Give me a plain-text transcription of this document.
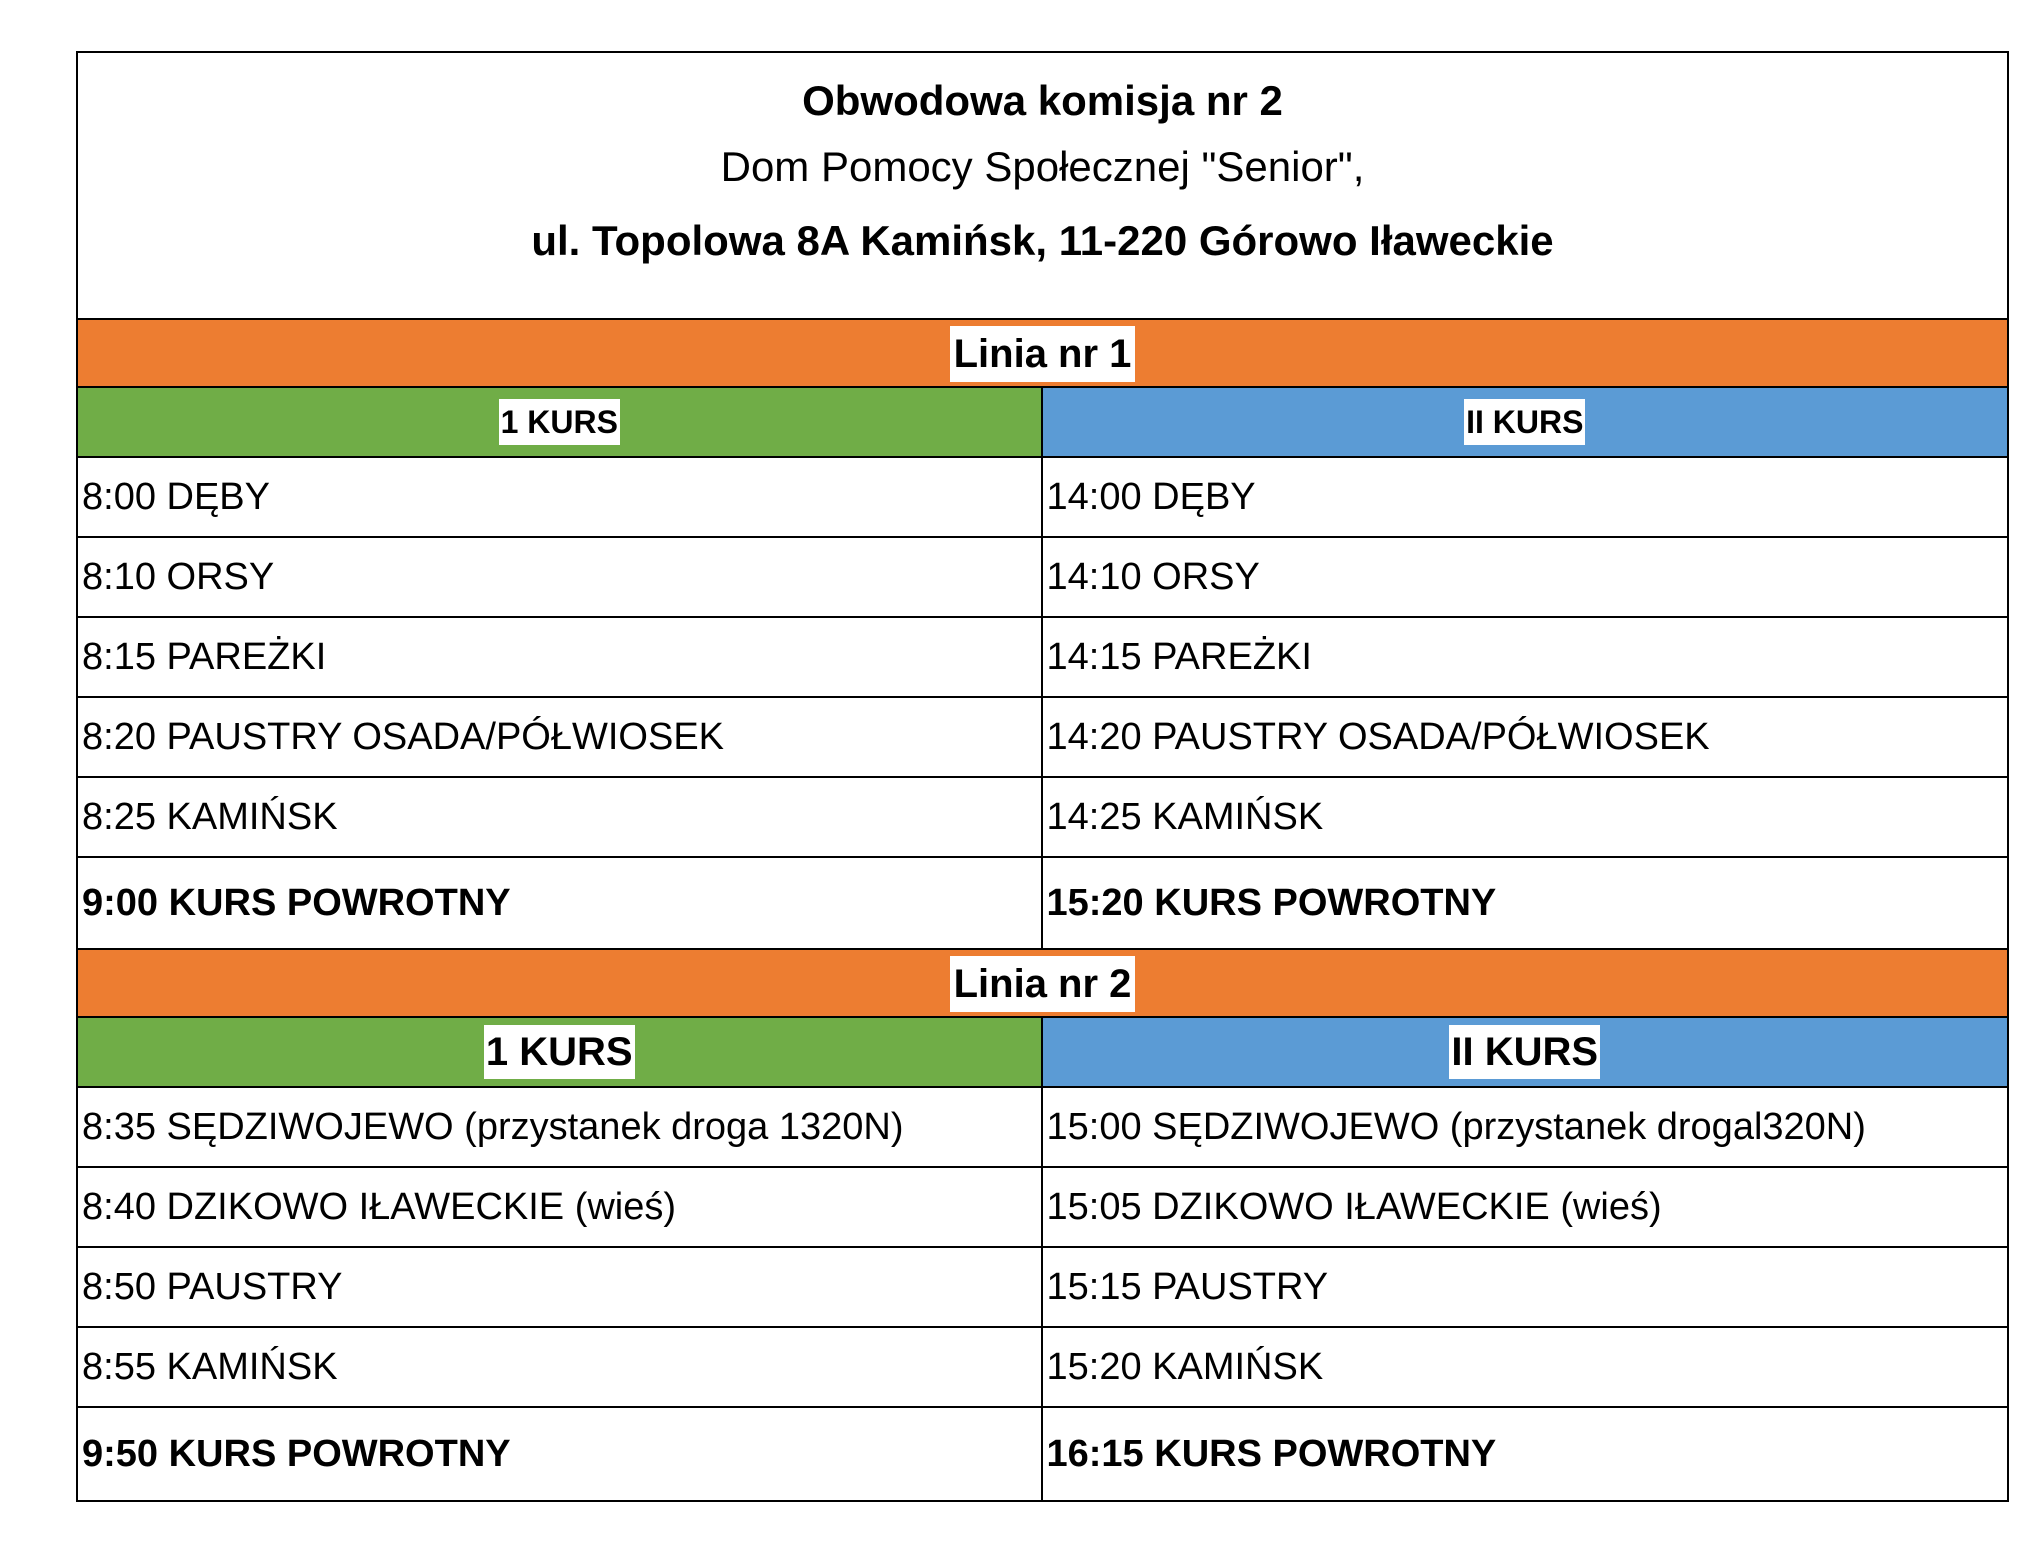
Obwodowa komisja nr 2
Dom Pomocy Społecznej "Senior",
ul. Topolowa 8A Kamińsk, 11-220 Górowo Iławeckie
Linia nr 1
1 KURS	II KURS
8:00 DĘBY	14:00 DĘBY
8:10 ORSY	14:10 ORSY
8:15 PAREŻKI	14:15 PAREŻKI
8:20 PAUSTRY OSADA/PÓŁWIOSEK	14:20 PAUSTRY OSADA/PÓŁWIOSEK
8:25 KAMIŃSK	14:25 KAMIŃSK
9:00 KURS POWROTNY	15:20 KURS POWROTNY
Linia nr 2
1 KURS	II KURS
8:35 SĘDZIWOJEWO (przystanek droga 1320N)	15:00 SĘDZIWOJEWO (przystanek drogal320N)
8:40 DZIKOWO IŁAWECKIE (wieś)	15:05 DZIKOWO IŁAWECKIE (wieś)
8:50 PAUSTRY	15:15 PAUSTRY
8:55 KAMIŃSK	15:20 KAMIŃSK
9:50 KURS POWROTNY	16:15 KURS POWROTNY
